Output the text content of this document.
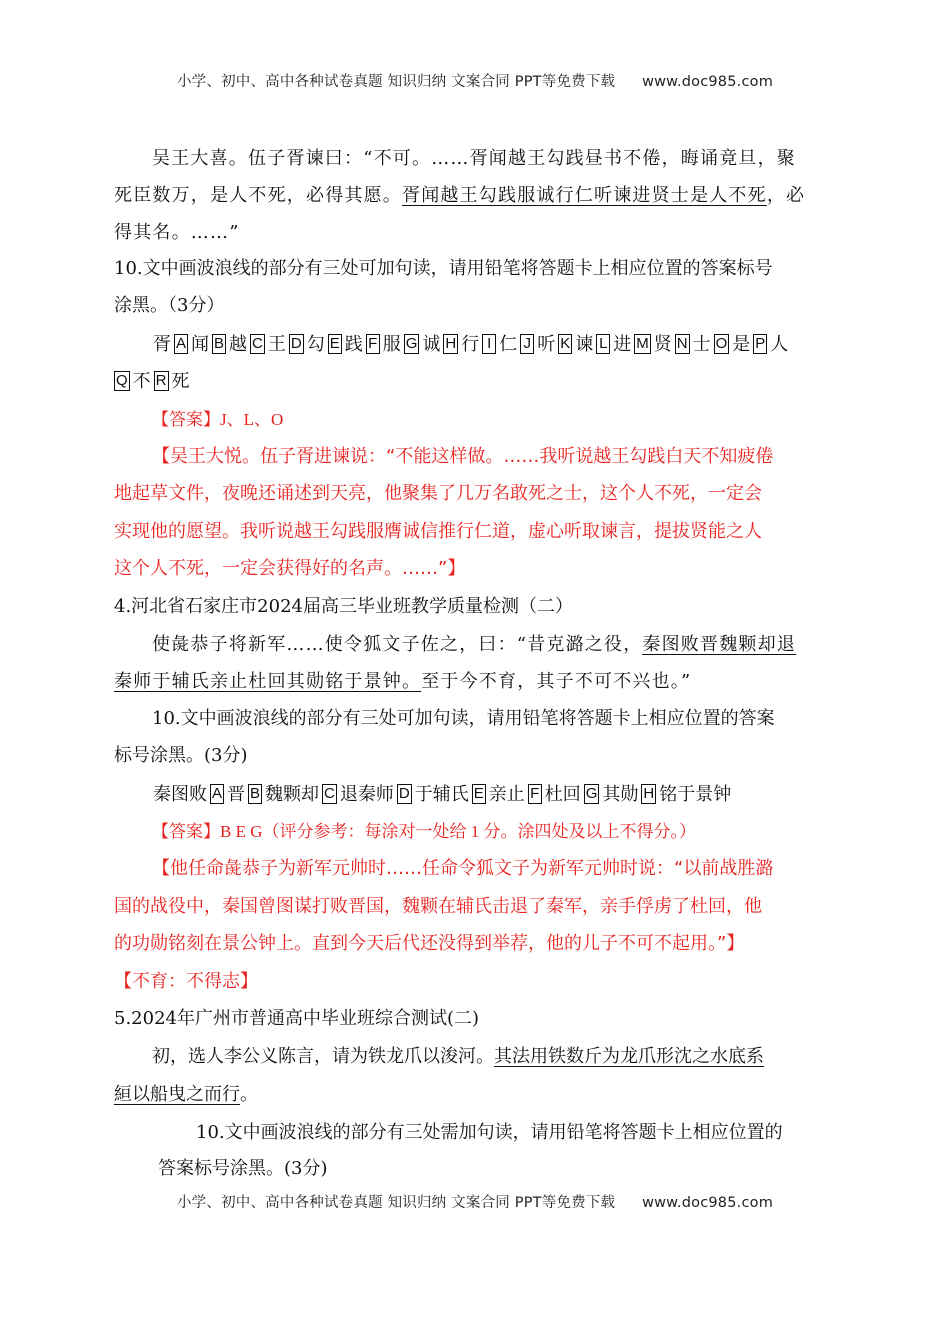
小学、初中、高中各种试卷真题 知识归纳 文案合同 PPT等免费下载 www.doc985.com
吴王大喜。伍子胥谏曰：“不可。……胥闻越王勾践昼书不倦，晦诵竟旦，聚
死臣数万，是人不死，必得其愿。胥闻越王勾践服诚行仁听谏进贤士是人不死，必
得其名。……”
10.文中画波浪线的部分有三处可加句读，请用铅笔将答题卡上相应位置的答案标号
涂黑。（3分）
胥 A 闻 B 越 C 王 D 勾 E 践 F 服 G 诚 H 行 I 仁 J 听 K 谏 L 进 M 贤 N 士 O 是 P 人
Q 不 R 死
【答案】J、L、O
【吴王大悦。伍子胥进谏说：“不能这样做。……我听说越王勾践白天不知疲倦
地起草文件，夜晚还诵述到天亮，他聚集了几万名敢死之士，这个人不死，一定会
实现他的愿望。我听说越王勾践服膺诚信推行仁道，虚心听取谏言，提拔贤能之人
这个人不死，一定会获得好的名声。……”】
4.河北省石家庄市2024届高三毕业班教学质量检测（二）
使彘恭子将新军……使令狐文子佐之，曰：“昔克潞之役，秦图败晋魏颗却退
秦师于辅氏亲止杜回其勋铭于景钟。至于今不育，其子不可不兴也。”
10.文中画波浪线的部分有三处可加句读，请用铅笔将答题卡上相应位置的答案
标号涂黑。(3分)
秦图败 A 晋 B 魏颗却 C 退秦师 D 于辅氏 E 亲止 F 杜回 G 其勋 H 铭于景钟
【答案】B E G（评分参考：每涂对一处给 1 分。涂四处及以上不得分。）
【他任命彘恭子为新军元帅时……任命令狐文子为新军元帅时说：“以前战胜潞
国的战役中，秦国曾图谋打败晋国，魏颗在辅氏击退了秦军，亲手俘虏了杜回，他
的功勋铭刻在景公钟上。直到今天后代还没得到举荐，他的儿子不可不起用。”】
【不育：不得志】
5.2024年广州市普通高中毕业班综合测试(二)
初，选人李公义陈言，请为铁龙爪以浚河。其法用铁数斤为龙爪形沈之水底系
絙以船曳之而行。
10.文中画波浪线的部分有三处需加句读，请用铅笔将答题卡上相应位置的
答案标号涂黑。(3分)
小学、初中、高中各种试卷真题 知识归纳 文案合同 PPT等免费下载 www.doc985.com
